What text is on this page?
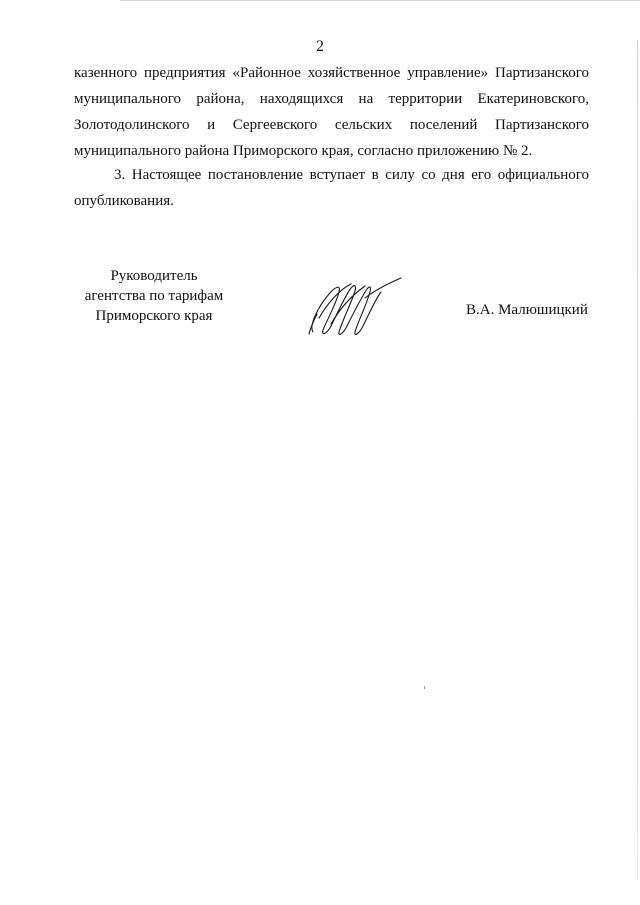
2
казенного предприятия «Районное хозяйственное управление» Партизанского
муниципального района, находящихся на территории Екатериновского,
Золотодолинского и Сергеевского сельских поселений Партизанского
муниципального района Приморского края, согласно приложению № 2.
3. Настоящее постановление вступает в силу со дня его официального
опубликования.
Руководитель
агентства по тарифам
Приморского края	В.А. Малюшицкий
